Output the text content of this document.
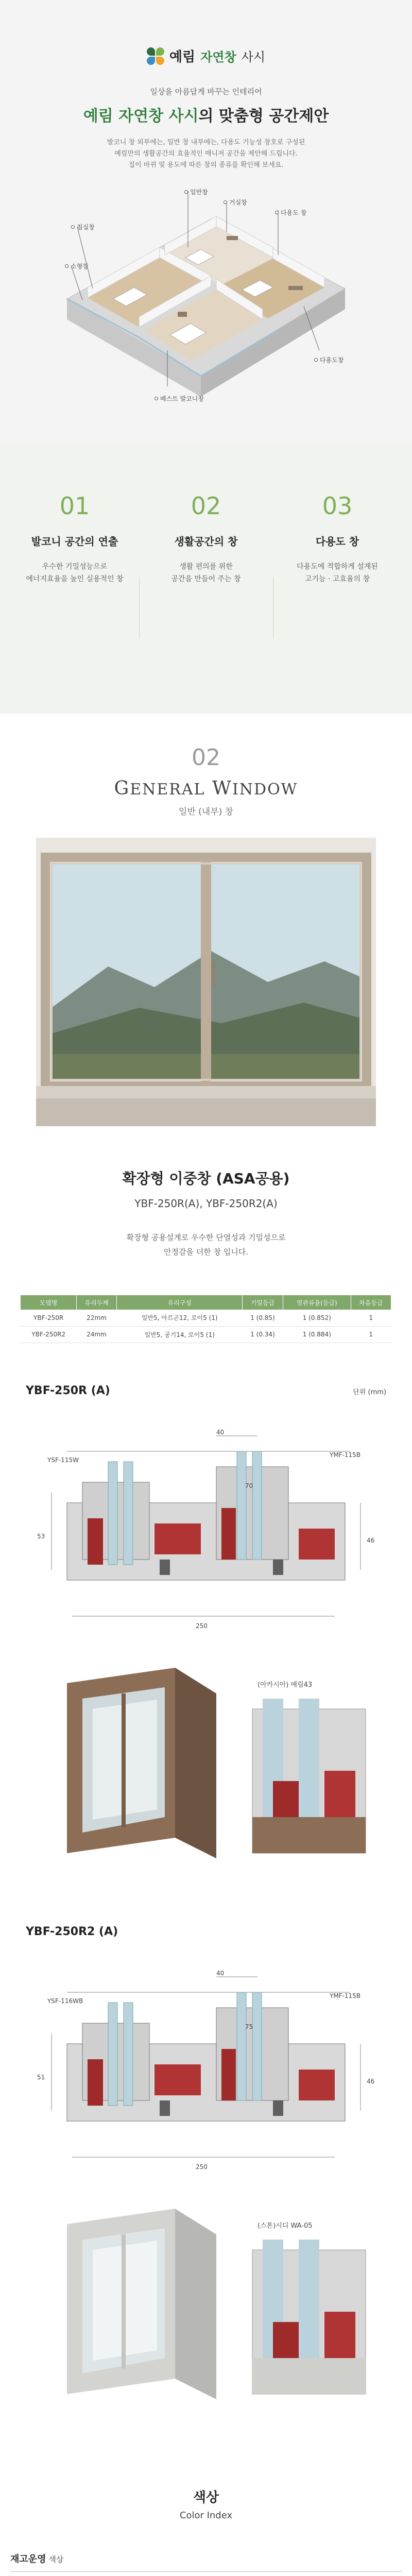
예림 자연창 사시
일상을 아름답게 바꾸는 인테리어
예림 자연창 사시의 맞춤형 공간제안
발코니 창 외부에는, 일반 창 내부에는, 다용도 기능성 창호로 구성된
예림만의 생활공간의 효율적인 매니저 공간을 제안해 드립니다.
집이 바뀌 및 용도에 따른 창의 종류를 확인해 보세요.
일반창
거실창
다용도 창
침실창
소형창
다용도창
베스트 발코니창
01
발코니 공간의 연출
우수한 기밀성능으로
에너지효율을 높인 실용적인 창
02
생활공간의 창
생활 편의를 위한
공간을 만들어 주는 창
03
다용도 창
다용도에 적합하게 설계된
고기능 · 고효율의 창
02
GENERAL WINDOW
일반 (내부) 창
확장형 이중창 (ASA공용)
YBF-250R(A), YBF-250R2(A)
확장형 공용설계로 우수한 단열성과 기밀성으로
안정감을 더한 창 입니다.
모델명	유리두께	유리구성	기밀등급	열관류율(등급)	차음등급
YBF-250R	22mm	일반5, 아르곤12, 로이5 (1)	1 (0.85)	1 (0.852)	1
YBF-250R2	24mm	일반5, 공기14, 로이5 (1)	1 (0.34)	1 (0.884)	1
YBF-250R (A)	단위 (mm)
YSF-115W
YMF-115B
40
70
53
46
250
(아카시아) 예림43
YBF-250R2 (A)
YSF-116WB
YMF-115B
40
75
51
46
250
(스톤)시디 WA-05
색상
Color Index
재고운영 색상
